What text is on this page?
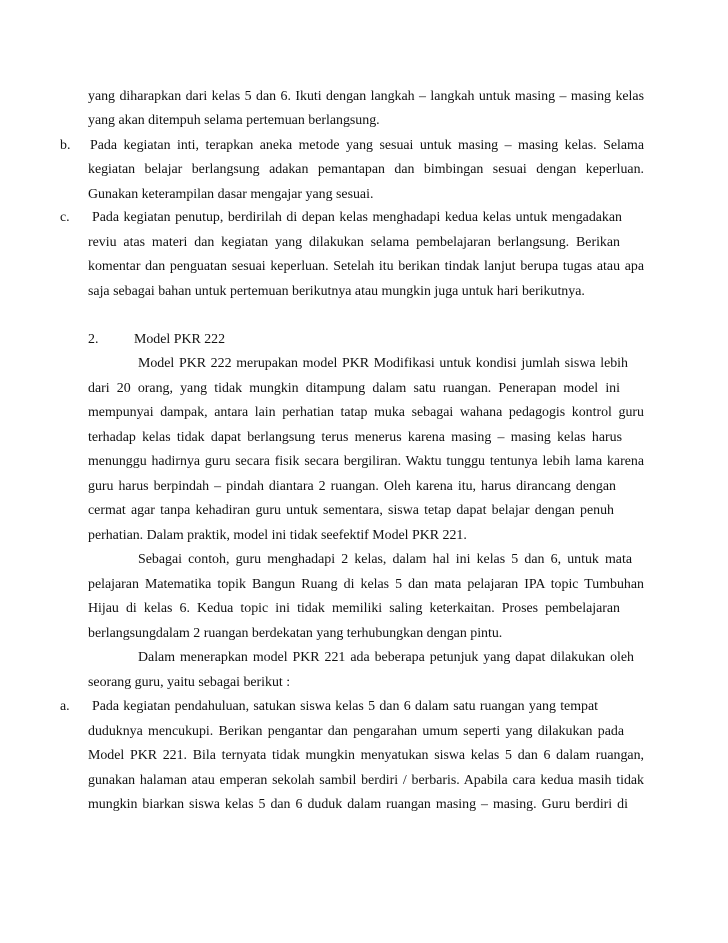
yang diharapkan dari kelas 5 dan 6. Ikuti dengan langkah – langkah untuk masing – masing kelas
yang akan ditempuh selama pertemuan berlangsung.
b. Pada kegiatan inti, terapkan aneka metode yang sesuai untuk masing – masing kelas. Selama
kegiatan belajar berlangsung adakan pemantapan dan bimbingan sesuai dengan keperluan.
Gunakan keterampilan dasar mengajar yang sesuai.
c. Pada kegiatan penutup, berdirilah di depan kelas menghadapi kedua kelas untuk mengadakan
reviu atas materi dan kegiatan yang dilakukan selama pembelajaran berlangsung. Berikan
komentar dan penguatan sesuai keperluan. Setelah itu berikan tindak lanjut berupa tugas atau apa
saja sebagai bahan untuk pertemuan berikutnya atau mungkin juga untuk hari berikutnya.
2.	Model PKR 222
Model PKR 222 merupakan model PKR Modifikasi untuk kondisi jumlah siswa lebih
dari 20 orang, yang tidak mungkin ditampung dalam satu ruangan. Penerapan model ini
mempunyai dampak, antara lain perhatian tatap muka sebagai wahana pedagogis kontrol guru
terhadap kelas tidak dapat berlangsung terus menerus karena masing – masing kelas harus
menunggu hadirnya guru secara fisik secara bergiliran. Waktu tunggu tentunya lebih lama karena
guru harus berpindah – pindah diantara 2 ruangan. Oleh karena itu, harus dirancang dengan
cermat agar tanpa kehadiran guru untuk sementara, siswa tetap dapat belajar dengan penuh
perhatian. Dalam praktik, model ini tidak seefektif Model PKR 221.
Sebagai contoh, guru menghadapi 2 kelas, dalam hal ini kelas 5 dan 6, untuk mata
pelajaran Matematika topik Bangun Ruang di kelas 5 dan mata pelajaran IPA topic Tumbuhan
Hijau di kelas 6. Kedua topic ini tidak memiliki saling keterkaitan. Proses pembelajaran
berlangsungdalam 2 ruangan berdekatan yang terhubungkan dengan pintu.
Dalam menerapkan model PKR 221 ada beberapa petunjuk yang dapat dilakukan oleh
seorang guru, yaitu sebagai berikut :
a. Pada kegiatan pendahuluan, satukan siswa kelas 5 dan 6 dalam satu ruangan yang tempat
duduknya mencukupi. Berikan pengantar dan pengarahan umum seperti yang dilakukan pada
Model PKR 221. Bila ternyata tidak mungkin menyatukan siswa kelas 5 dan 6 dalam ruangan,
gunakan halaman atau emperan sekolah sambil berdiri / berbaris. Apabila cara kedua masih tidak
mungkin biarkan siswa kelas 5 dan 6 duduk dalam ruangan masing – masing. Guru berdiri di
